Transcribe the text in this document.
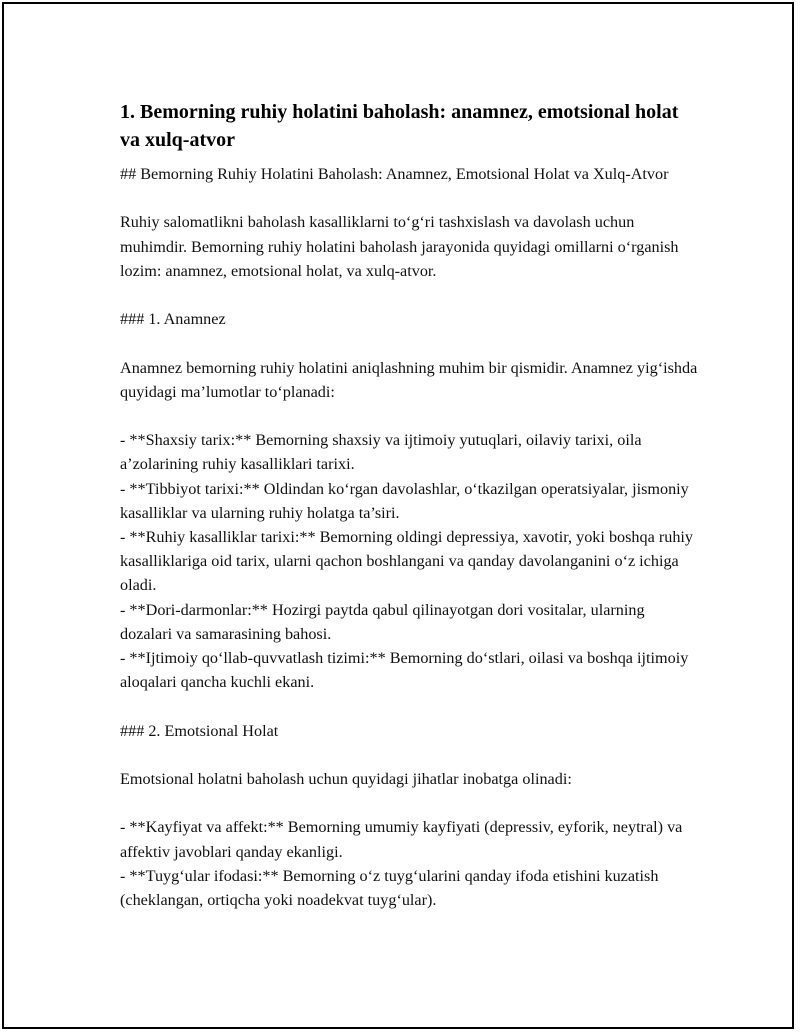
1. Bemorning ruhiy holatini baholash: anamnez, emotsional holat va xulq-atvor

## Bemorning Ruhiy Holatini Baholash: Anamnez, Emotsional Holat va Xulq-Atvor

Ruhiy salomatlikni baholash kasalliklarni to‘g‘ri tashxislash va davolash uchun muhimdir. Bemorning ruhiy holatini baholash jarayonida quyidagi omillarni o‘rganish lozim: anamnez, emotsional holat, va xulq-atvor.

### 1. Anamnez

Anamnez bemorning ruhiy holatini aniqlashning muhim bir qismidir. Anamnez yig‘ishda quyidagi ma’lumotlar to‘planadi:

- **Shaxsiy tarix:** Bemorning shaxsiy va ijtimoiy yutuqlari, oilaviy tarixi, oila a’zolarining ruhiy kasalliklari tarixi.

- **Tibbiyot tarixi:** Oldindan ko‘rgan davolashlar, o‘tkazilgan operatsiyalar, jismoniy kasalliklar va ularning ruhiy holatga ta’siri.

- **Ruhiy kasalliklar tarixi:** Bemorning oldingi depressiya, xavotir, yoki boshqa ruhiy kasalliklariga oid tarix, ularni qachon boshlangani va qanday davolanganini o‘z ichiga oladi.

- **Dori-darmonlar:** Hozirgi paytda qabul qilinayotgan dori vositalar, ularning dozalari va samarasining bahosi.

- **Ijtimoiy qo‘llab-quvvatlash tizimi:** Bemorning do‘stlari, oilasi va boshqa ijtimoiy aloqalari qancha kuchli ekani.

### 2. Emotsional Holat

Emotsional holatni baholash uchun quyidagi jihatlar inobatga olinadi:

- **Kayfiyat va affekt:** Bemorning umumiy kayfiyati (depressiv, eyforik, neytral) va affektiv javoblari qanday ekanligi.

- **Tuyg‘ular ifodasi:** Bemorning o‘z tuyg‘ularini qanday ifoda etishini kuzatish (cheklangan, ortiqcha yoki noadekvat tuyg‘ular).
